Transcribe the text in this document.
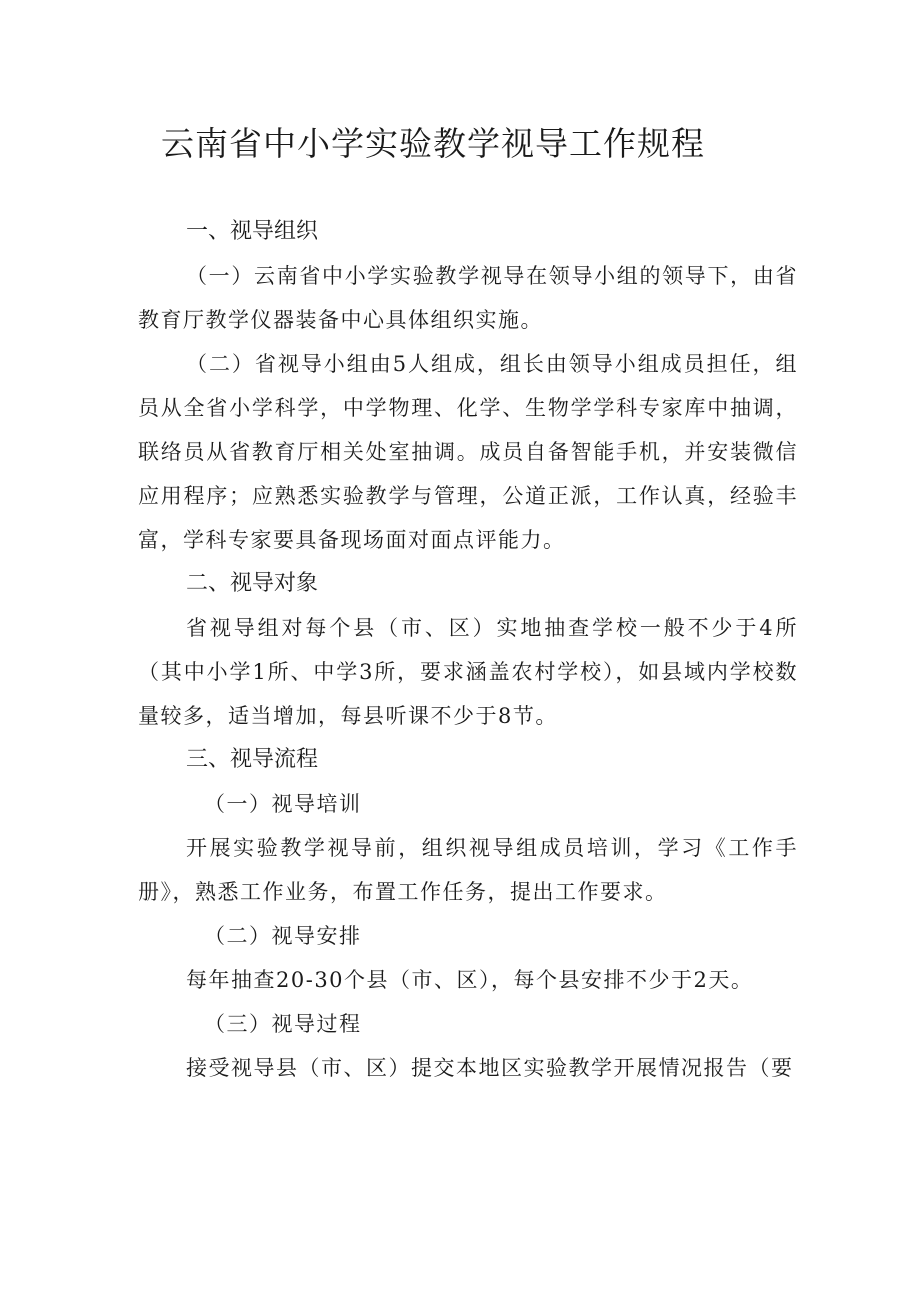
云南省中小学实验教学视导工作规程
一、视导组织

（一）云南省中小学实验教学视导在领导小组的领导下，由省教育厅教学仪器装备中心具体组织实施。

（二）省视导小组由5人组成，组长由领导小组成员担任，组员从全省小学科学，中学物理、化学、生物学学科专家库中抽调，联络员从省教育厅相关处室抽调。成员自备智能手机，并安装微信应用程序；应熟悉实验教学与管理，公道正派，工作认真，经验丰富，学科专家要具备现场面对面点评能力。

二、视导对象

省视导组对每个县（市、区）实地抽查学校一般不少于4所（其中小学1所、中学3所，要求涵盖农村学校），如县域内学校数量较多，适当增加，每县听课不少于8节。

三、视导流程
（一）视导培训

开展实验教学视导前，组织视导组成员培训，学习《工作手册》，熟悉工作业务，布置工作任务，提出工作要求。

（二）视导安排

每年抽查20-30个县（市、区），每个县安排不少于2天。

（三）视导过程

接受视导县（市、区）提交本地区实验教学开展情况报告（要
